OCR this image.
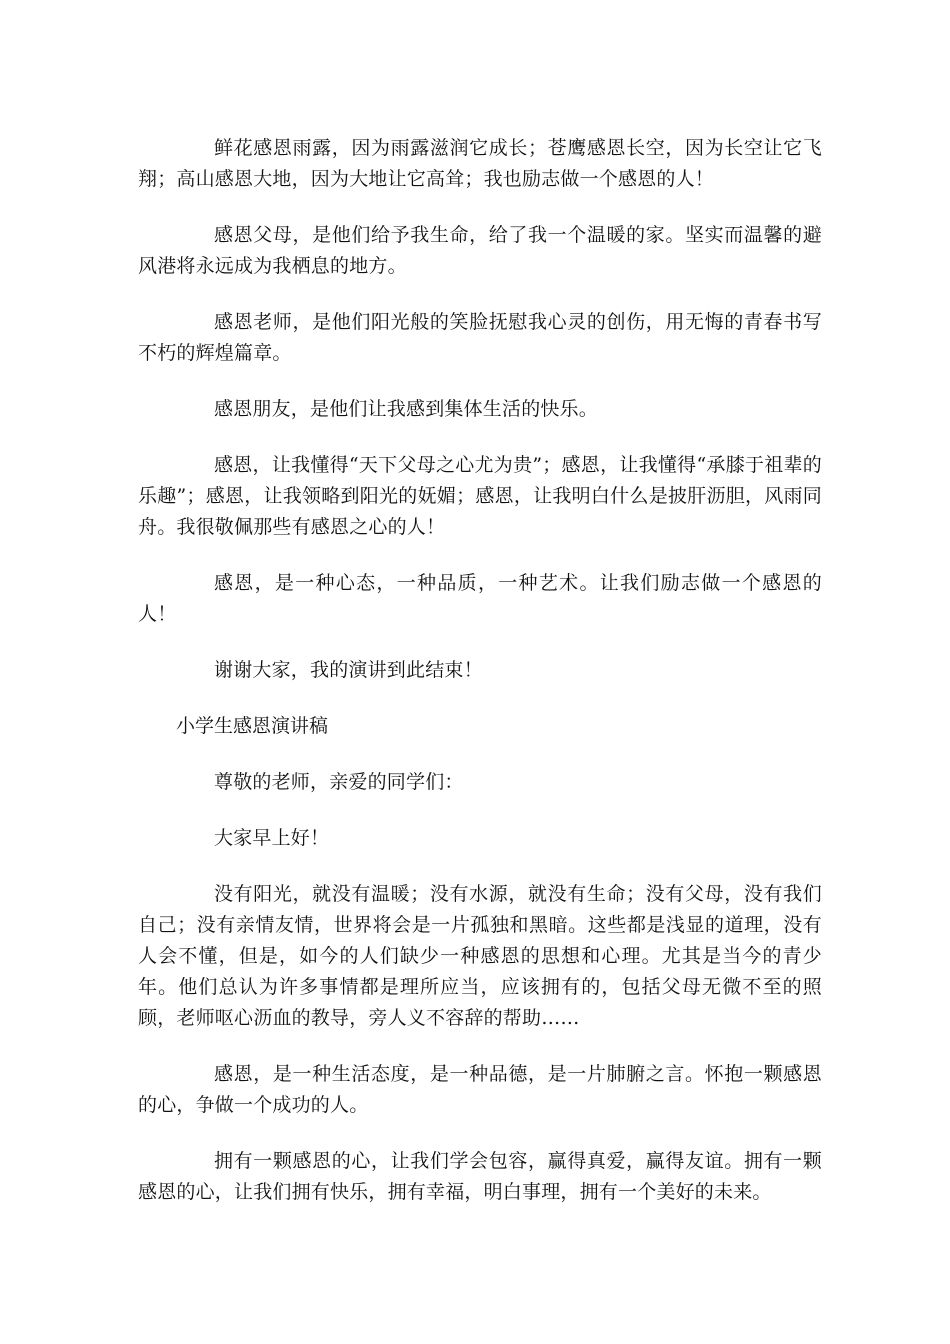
鲜花感恩雨露，因为雨露滋润它成长；苍鹰感恩长空，因为长空让它飞翔；高山感恩大地，因为大地让它高耸；我也励志做一个感恩的人！

感恩父母，是他们给予我生命，给了我一个温暖的家。坚实而温馨的避风港将永远成为我栖息的地方。

感恩老师，是他们阳光般的笑脸抚慰我心灵的创伤，用无悔的青春书写不朽的辉煌篇章。

感恩朋友，是他们让我感到集体生活的快乐。

感恩，让我懂得“天下父母之心尤为贵”；感恩，让我懂得“承膝于祖辈的乐趣”；感恩，让我领略到阳光的妩媚；感恩，让我明白什么是披肝沥胆，风雨同舟。我很敬佩那些有感恩之心的人！

感恩，是一种心态，一种品质，一种艺术。让我们励志做一个感恩的人！

谢谢大家，我的演讲到此结束！

小学生感恩演讲稿

尊敬的老师，亲爱的同学们：

大家早上好！

没有阳光，就没有温暖；没有水源，就没有生命；没有父母，没有我们自己；没有亲情友情，世界将会是一片孤独和黑暗。这些都是浅显的道理，没有人会不懂，但是，如今的人们缺少一种感恩的思想和心理。尤其是当今的青少年。他们总认为许多事情都是理所应当，应该拥有的，包括父母无微不至的照顾，老师呕心沥血的教导，旁人义不容辞的帮助……

感恩，是一种生活态度，是一种品德，是一片肺腑之言。怀抱一颗感恩的心，争做一个成功的人。

拥有一颗感恩的心，让我们学会包容，赢得真爱，赢得友谊。拥有一颗感恩的心，让我们拥有快乐，拥有幸福，明白事理，拥有一个美好的未来。
